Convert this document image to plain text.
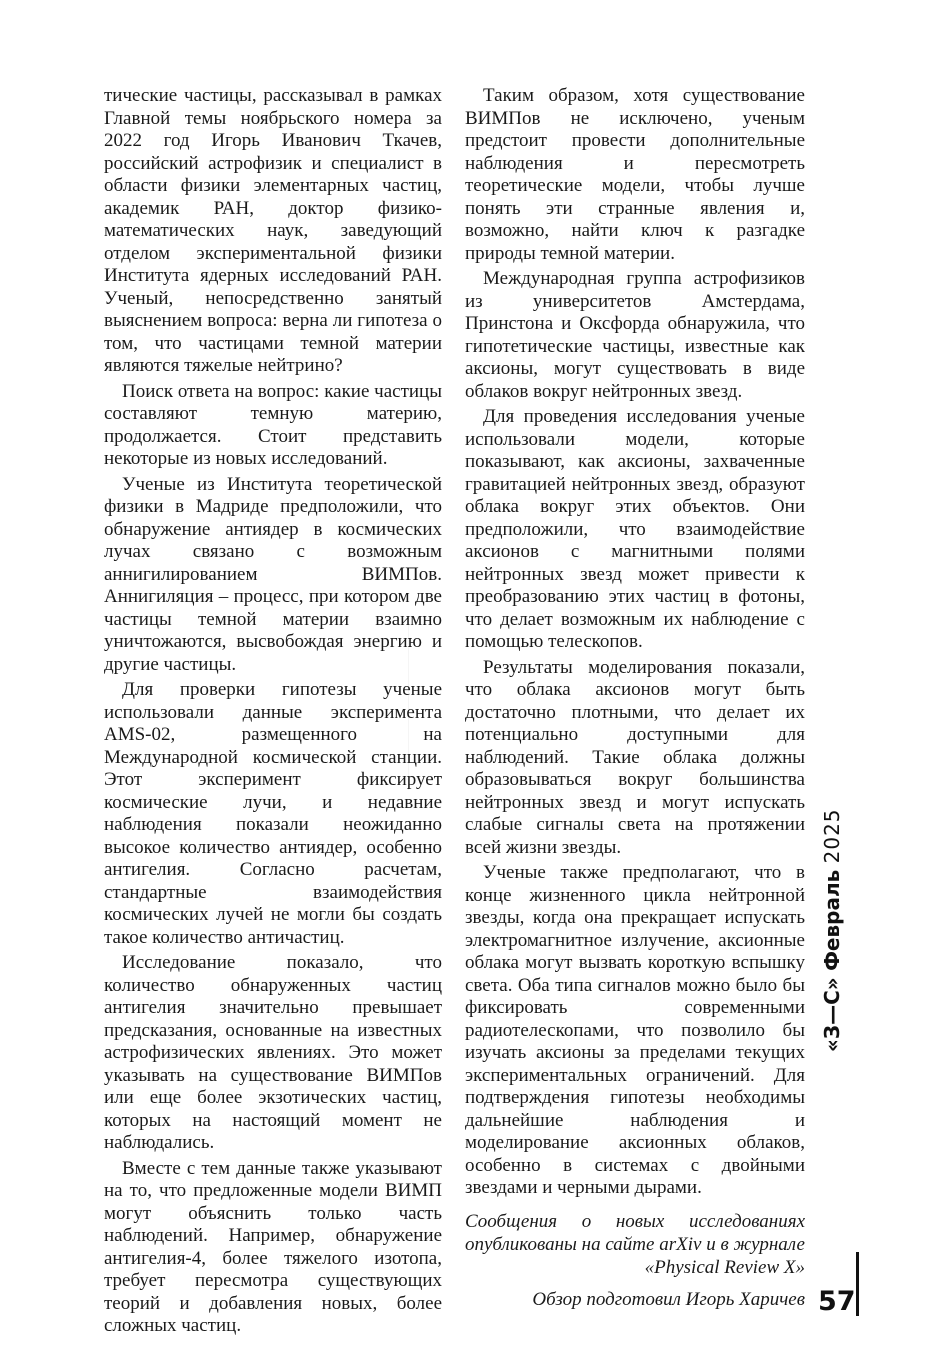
тические частицы, рассказывал в рамках Главной темы ноябрьского номера за 2022 год Игорь Иванович Ткачев, российский астрофизик и специалист в области физики элементарных частиц, академик РАН, доктор физико-математических наук, заведующий отделом экспериментальной физики Института ядерных исследований РАН. Ученый, непосредственно занятый выяснением вопроса: верна ли гипотеза о том, что частицами темной материи являются тяжелые нейтрино?

Поиск ответа на вопрос: какие частицы составляют темную материю, продолжается. Стоит представить некоторые из новых исследований.

Ученые из Института теоретической физики в Мадриде предположили, что обнаружение антиядер в космических лучах связано с возможным аннигилированием ВИМПов. Аннигиляция – процесс, при котором две частицы темной материи взаимно уничтожаются, высвобождая энергию и другие частицы.

Для проверки гипотезы ученые использовали данные эксперимента AMS-02, размещенного на Международной космической станции. Этот эксперимент фиксирует космические лучи, и недавние наблюдения показали неожиданно высокое количество антиядер, особенно антигелия. Согласно расчетам, стандартные взаимодействия космических лучей не могли бы создать такое количество античастиц.

Исследование показало, что количество обнаруженных частиц антигелия значительно превышает предсказания, основанные на известных астрофизических явлениях. Это может указывать на существование ВИМПов или еще более экзотических частиц, которых на настоящий момент не наблюдались.

Вместе с тем данные также указывают на то, что предложенные модели ВИМП могут объяснить только часть наблюдений. Например, обнаружение антигелия-4, более тяжелого изотопа, требует пересмотра существующих теорий и добавления новых, более сложных частиц.

Таким образом, хотя существование ВИМПов не исключено, ученым предстоит провести дополнительные наблюдения и пересмотреть теоретические модели, чтобы лучше понять эти странные явления и, возможно, найти ключ к разгадке природы темной материи.

Международная группа астрофизиков из университетов Амстердама, Принстона и Оксфорда обнаружила, что гипотетические частицы, известные как аксионы, могут существовать в виде облаков вокруг нейтронных звезд.

Для проведения исследования ученые использовали модели, которые показывают, как аксионы, захваченные гравитацией нейтронных звезд, образуют облака вокруг этих объектов. Они предположили, что взаимодействие аксионов с магнитными полями нейтронных звезд может привести к преобразованию этих частиц в фотоны, что делает возможным их наблюдение с помощью телескопов.

Результаты моделирования показали, что облака аксионов могут быть достаточно плотными, что делает их потенциально доступными для наблюдений. Такие облака должны образовываться вокруг большинства нейтронных звезд и могут испускать слабые сигналы света на протяжении всей жизни звезды.

Ученые также предполагают, что в конце жизненного цикла нейтронной звезды, когда она прекращает испускать электромагнитное излучение, аксионные облака могут вызвать короткую вспышку света. Оба типа сигналов можно было бы фиксировать современными радиотелескопами, что позволило бы изучать аксионы за пределами текущих экспериментальных ограничений. Для подтверждения гипотезы необходимы дальнейшие наблюдения и моделирование аксионных облаков, особенно в системах с двойными звездами и черными дырами.

Сообщения о новых исследованиях опубликованы на сайте arXiv и в журнале «Physical Review X»
Обзор подготовил Игорь Харичев
«З—С» Февраль 2025
57
